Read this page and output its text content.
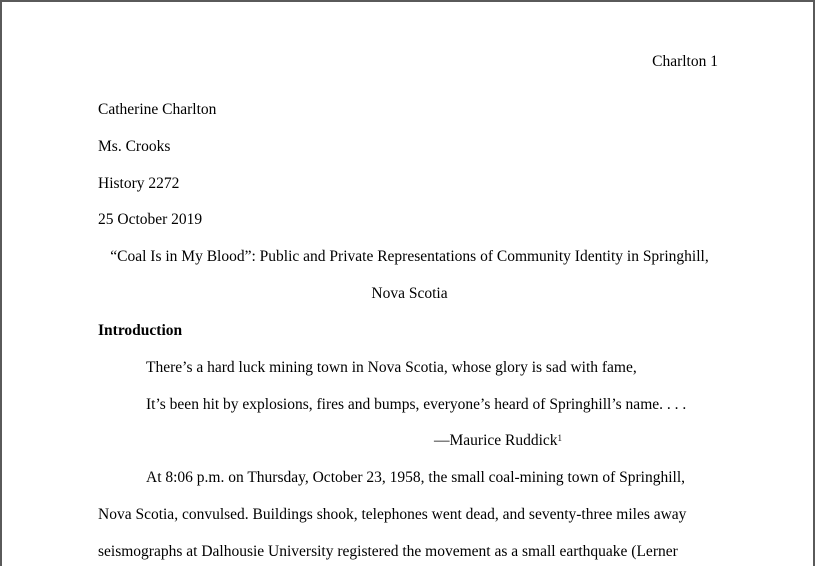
Charlton 1
Catherine Charlton
Ms. Crooks
History 2272
25 October 2019
“Coal Is in My Blood”: Public and Private Representations of Community Identity in Springhill,
Nova Scotia
Introduction
There’s a hard luck mining town in Nova Scotia, whose glory is sad with fame,
It’s been hit by explosions, fires and bumps, everyone’s heard of Springhill’s name. . . .
—Maurice Ruddick$^1$
At 8:06 p.m. on Thursday, October 23, 1958, the small coal-mining town of Springhill,
Nova Scotia, convulsed. Buildings shook, telephones went dead, and seventy-three miles away
seismographs at Dalhousie University registered the movement as a small earthquake (Lerner
